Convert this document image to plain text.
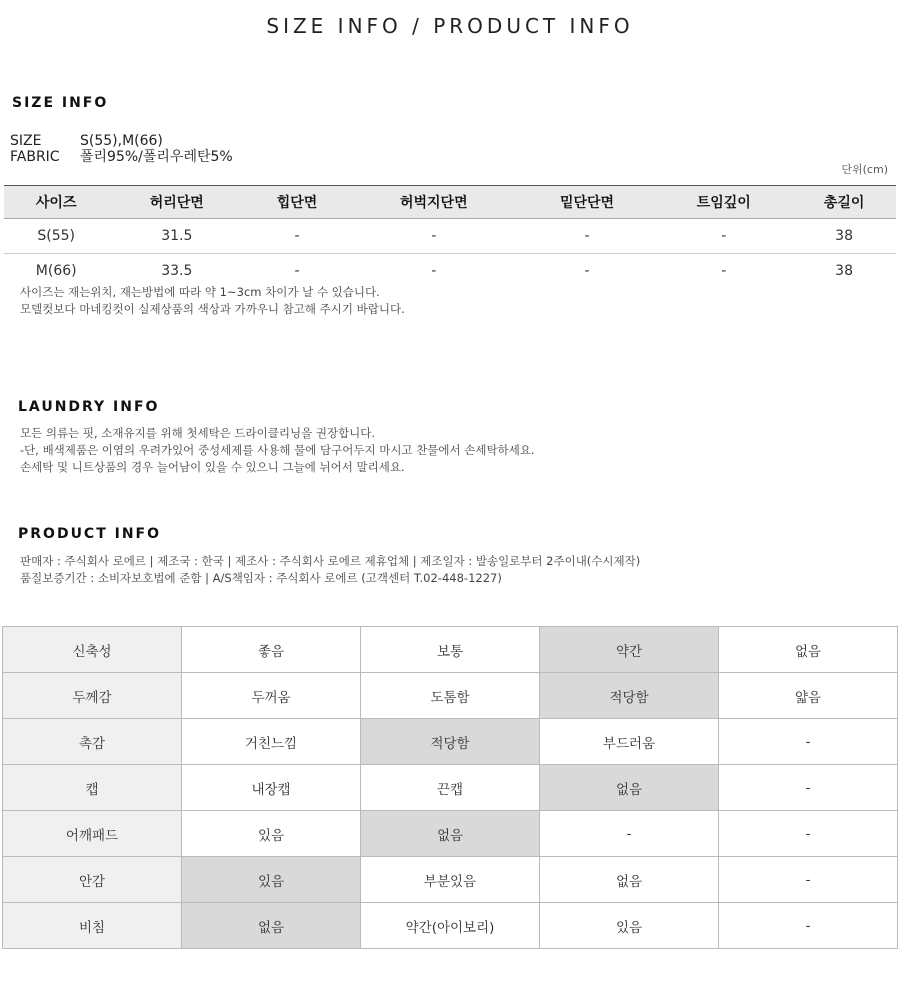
SIZE INFO / PRODUCT INFO
SIZE INFO
SIZE	S(55),M(66)
FABRIC	폴리95%/폴리우레탄5%
단위(cm)
사이즈	허리단면	힙단면	허벅지단면	밑단단면	트임깊이	총길이
S(55)	31.5	-	-	-	-	38
M(66)	33.5	-	-	-	-	38
사이즈는 재는위치, 재는방법에 따라 약 1~3cm 차이가 날 수 있습니다.
모델컷보다 마네킹컷이 실제상품의 색상과 가까우니 참고해 주시기 바랍니다.
LAUNDRY INFO
모든 의류는 핏, 소재유지를 위해 첫세탁은 드라이클리닝을 권장합니다.
-단, 배색제품은 이염의 우려가있어 중성세제를 사용해 물에 담구어두지 마시고 찬물에서 손세탁하세요.
손세탁 및 니트상품의 경우 늘어남이 있을 수 있으니 그늘에 뉘어서 말리세요.
PRODUCT INFO
판매자 : 주식회사 로에르 | 제조국 : 한국 | 제조사 : 주식회사 로에르 제휴업체 | 제조일자 : 발송일로부터 2주이내(수시제작)
품질보증기간 : 소비자보호법에 준함 | A/S책임자 : 주식회사 로에르 (고객센터 T.02-448-1227)
신축성	좋음	보통	약간	없음
두께감	두꺼움	도톰함	적당함	얇음
촉감	거친느낌	적당함	부드러움	-
캡	내장캡	끈캡	없음	-
어깨패드	있음	없음	-	-
안감	있음	부분있음	없음	-
비침	없음	약간(아이보리)	있음	-
